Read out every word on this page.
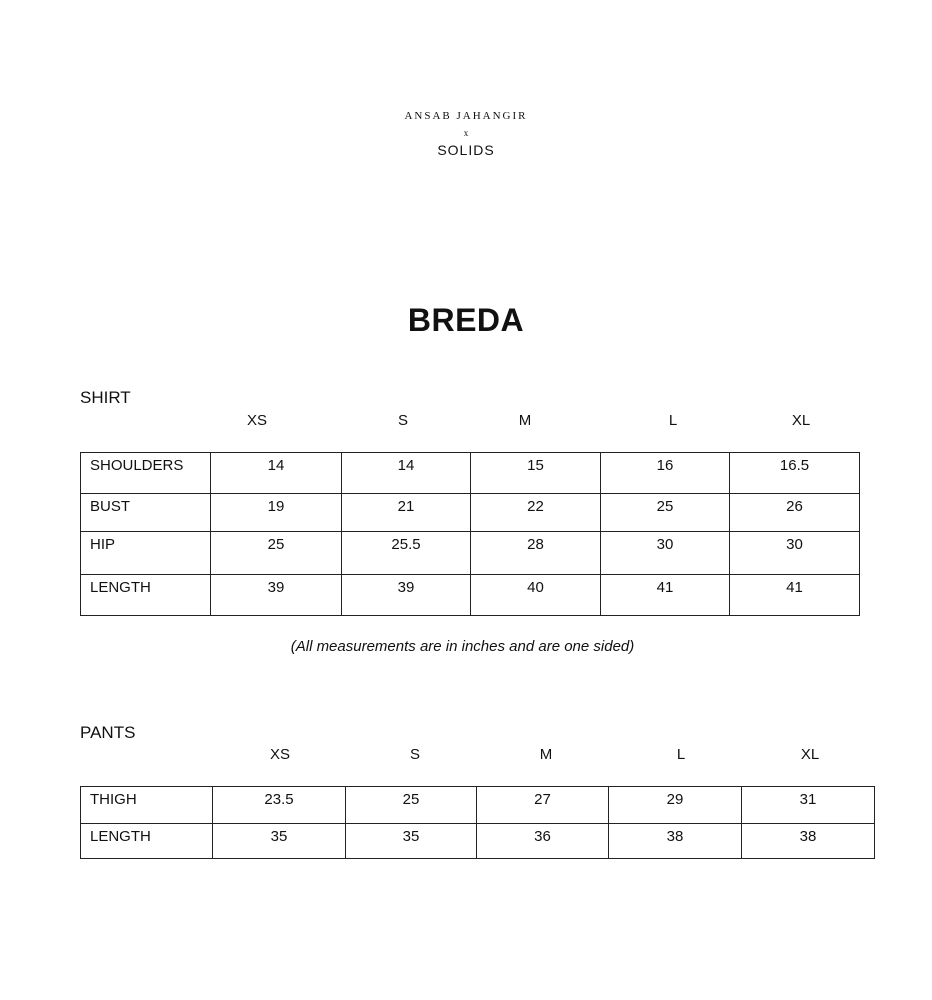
ANSAB JAHANGIR
x
SOLIDS
BREDA
SHIRT
XS	S	M	L	XL
SHOULDERS	14	14	15	16	16.5
BUST	19	21	22	25	26
HIP	25	25.5	28	30	30
LENGTH	39	39	40	41	41
(All measurements are in inches and are one sided)
PANTS
XS	S	M	L	XL
THIGH	23.5	25	27	29	31
LENGTH	35	35	36	38	38
